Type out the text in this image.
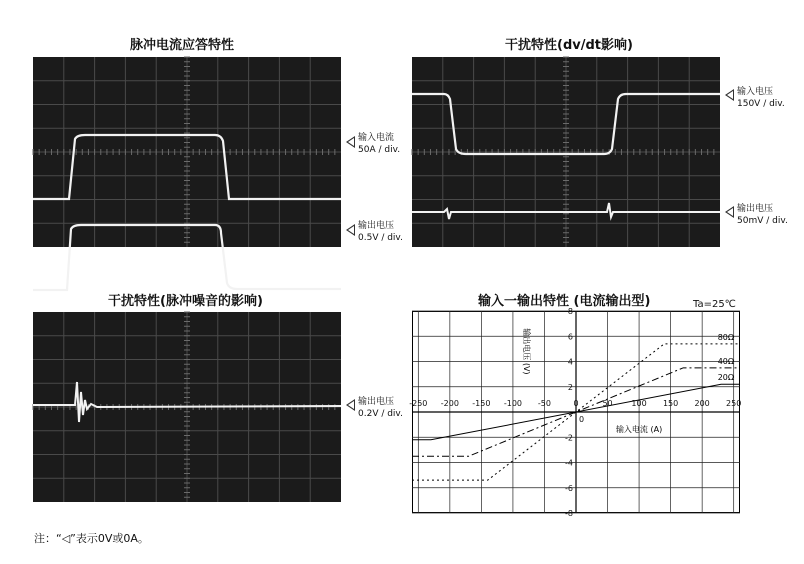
脉冲电流应答特性
输入电流
50A / div.
输出电压
0.5V / div.
干扰特性(dv/dt影响)
输入电压
150V / div.
输出电压
50mV / div.
干扰特性(脉冲噪音的影响)
输出电压
0.2V / div.
输入一输出特性 (电流输出型)	Ta=25℃
-250 -200 -150 -100 -50	0	50 100 150 200 250
-8
-6
-4
-2
2
4
6
8
0
80Ω
40Ω
20Ω
输入电流 (A)
输出电压 (V)
注：“◁”表示0V或0A。
